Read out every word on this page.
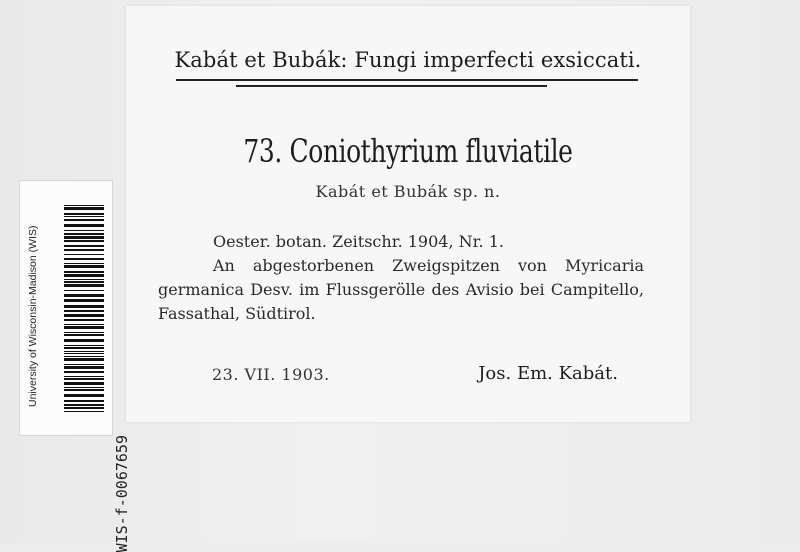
Kabát et Bubák: Fungi imperfecti exsiccati.
73. Coniothyrium fluviatile
Kabát et Bubák sp. n.
Oester. botan. Zeitschr. 1904, Nr. 1.
An abgestorbenen Zweigspitzen von Myricaria germanica Desv. im Flussgerölle des Avisio bei Campitello, Fassathal, Südtirol.
23. VII. 1903.	Jos. Em. Kabát.
University of Wisconsin-Madison (WIS)
WIS-f-0067659
